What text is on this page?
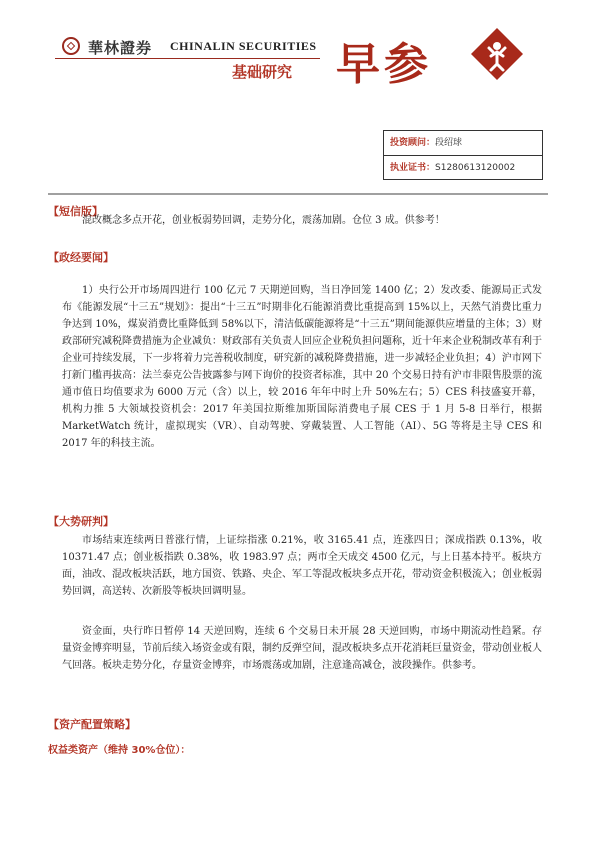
華林證券 CHINALIN SECURITIES
基础研究 早参
投资顾问：段绍球
执业证书：S1280613120002
【短信版】

混改概念多点开花，创业板弱势回调，走势分化，震荡加剧。仓位 3 成。供参考！

【政经要闻】

1）央行公开市场周四进行 100 亿元 7 天期逆回购，当日净回笼 1400 亿；2）发改委、能源局正式发布《能源发展“十三五”规划》：提出“十三五”时期非化石能源消费比重提高到 15%以上，天然气消费比重力争达到 10%，煤炭消费比重降低到 58%以下，清洁低碳能源将是“十三五”期间能源供应增量的主体；3）财政部研究减税降费措施为企业减负：财政部有关负责人回应企业税负担问题称，近十年来企业税制改革有利于企业可持续发展，下一步将着力完善税收制度，研究新的减税降费措施，进一步减轻企业负担；4）沪市网下打新门槛再拔高：法兰泰克公告披露参与网下询价的投资者标准，其中 20 个交易日持有沪市非限售股票的流通市值日均值要求为 6000 万元（含）以上，较 2016 年年中时上升 50%左右；5）CES 科技盛宴开幕，机构力推 5 大领域投资机会：2017 年美国拉斯维加斯国际消费电子展 CES 于 1 月 5-8 日举行，根据 MarketWatch 统计，虚拟现实（VR）、自动驾驶、穿戴装置、人工智能（AI）、5G 等将是主导 CES 和 2017 年的科技主流。

【大势研判】

市场结束连续两日普涨行情，上证综指涨 0.21%，收 3165.41 点，连涨四日；深成指跌 0.13%，收 10371.47 点；创业板指跌 0.38%，收 1983.97 点；两市全天成交 4500 亿元，与上日基本持平。板块方面，油改、混改板块活跃，地方国资、铁路、央企、军工等混改板块多点开花，带动资金积极流入；创业板弱势回调，高送转、次新股等板块回调明显。

资金面，央行昨日暂停 14 天逆回购，连续 6 个交易日未开展 28 天逆回购，市场中期流动性趋紧。存量资金博弈明显，节前后续入场资金或有限，制约反弹空间，混改板块多点开花消耗巨量资金，带动创业板人气回落。板块走势分化，存量资金博弈，市场震荡或加剧，注意逢高减仓，波段操作。供参考。

【资产配置策略】
权益类资产（维持 30%仓位）：
